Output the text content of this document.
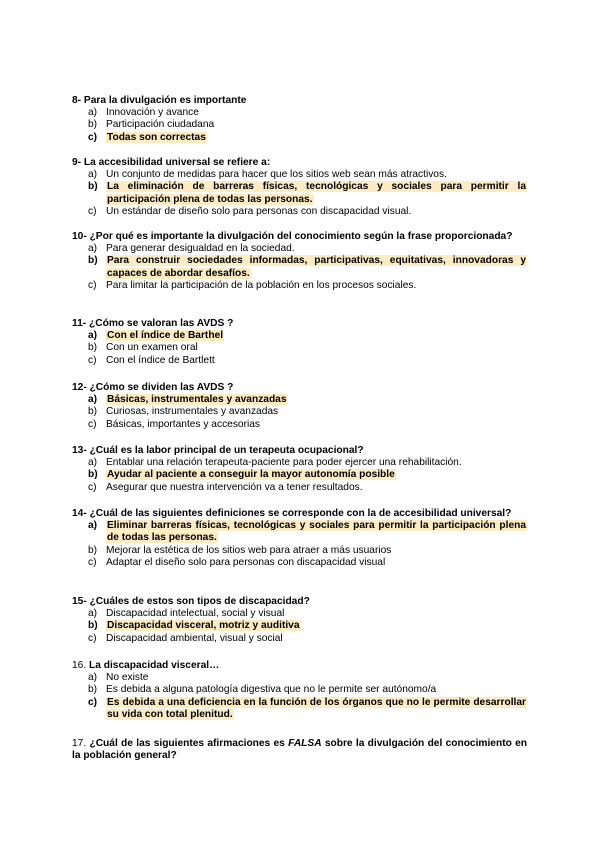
8- Para la divulgación es importante
a) Innovación y avance
b) Participación ciudadana
c) Todas son correctas
9- La accesibilidad universal se refiere a:
a) Un conjunto de medidas para hacer que los sitios web sean más atractivos.
b) La eliminación de barreras físicas, tecnológicas y sociales para permitir la participación plena de todas las personas.
c) Un estándar de diseño solo para personas con discapacidad visual.
10- ¿Por qué es importante la divulgación del conocimiento según la frase proporcionada?
a) Para generar desigualdad en la sociedad.
b) Para construir sociedades informadas, participativas, equitativas, innovadoras y capaces de abordar desafíos.
c) Para limitar la participación de la población en los procesos sociales.
11- ¿Cómo se valoran las AVDS ?
a) Con el índice de Barthel
b) Con un examen oral
c) Con el índice de Bartlett
12- ¿Cómo se dividen las AVDS ?
a) Básicas, instrumentales y avanzadas
b) Curiosas, instrumentales y avanzadas
c) Básicas, importantes y accesorias
13- ¿Cuál es la labor principal de un terapeuta ocupacional?
a) Entablar una relación terapeuta-paciente para poder ejercer una rehabilitación.
b) Ayudar al paciente a conseguir la mayor autonomía posible
c) Asegurar que nuestra intervención va a tener resultados.
14- ¿Cuál de las siguientes definiciones se corresponde con la de accesibilidad universal?
a) Eliminar barreras físicas, tecnológicas y sociales para permitir la participación plena de todas las personas.
b) Mejorar la estética de los sitios web para atraer a más usuarios
c) Adaptar el diseño solo para personas con discapacidad visual
15- ¿Cuáles de estos son tipos de discapacidad?
a) Discapacidad intelectual, social y visual
b) Discapacidad visceral, motriz y auditiva
c) Discapacidad ambiental, visual y social
16. La discapacidad visceral…
a) No existe
b) Es debida a alguna patología digestiva que no le permite ser autónomo/a
c) Es debida a una deficiencia en la función de los órganos que no le permite desarrollar su vida con total plenitud.
17. ¿Cuál de las siguientes afirmaciones es FALSA sobre la divulgación del conocimiento en la población general?
